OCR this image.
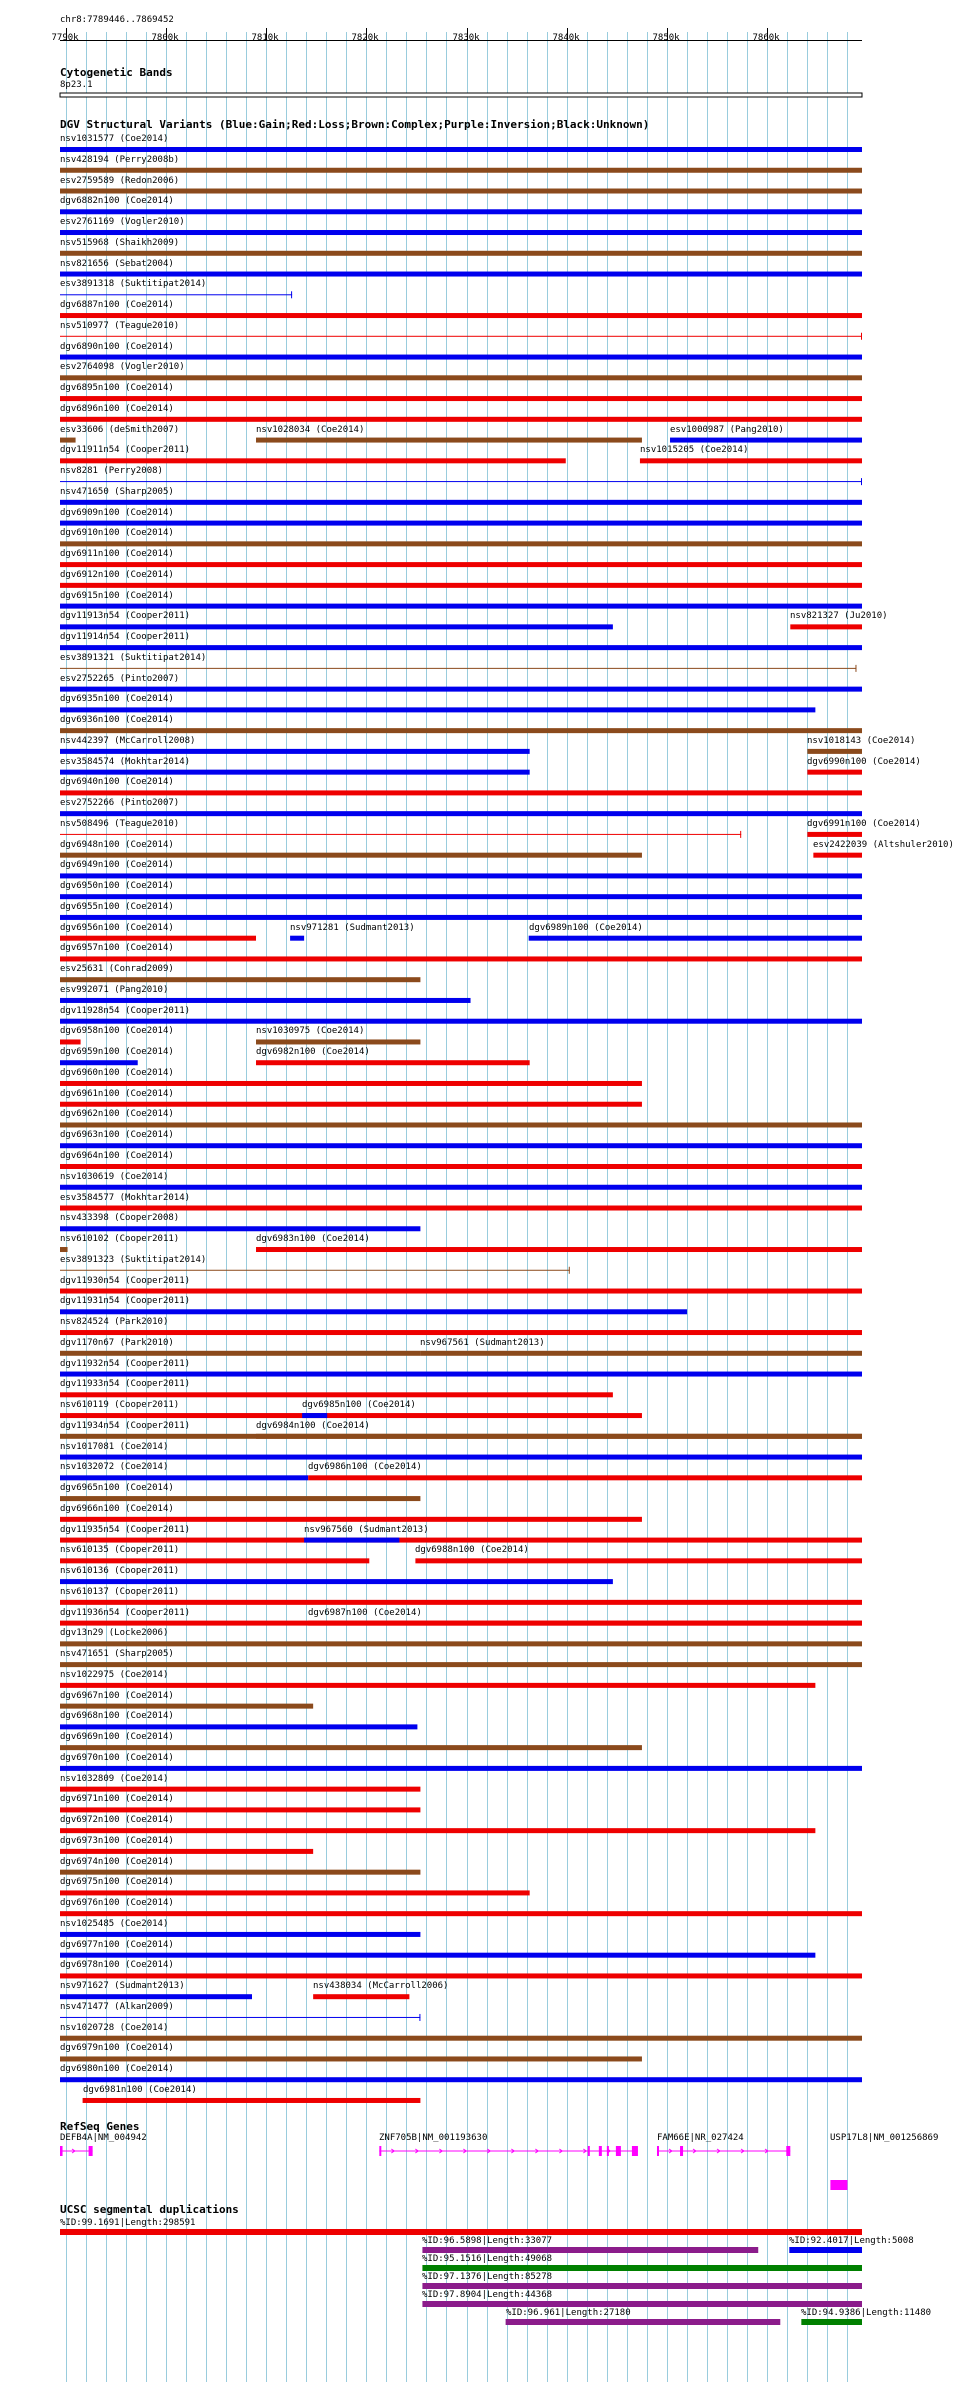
chr8:7789446..7869452
Cytogenetic Bands
8p23.1
DGV Structural Variants (Blue:Gain;Red:Loss;Brown:Complex;Purple:Inversion;Black:Unknown)
RefSeq Genes
UCSC segmental duplications
7790k	7800k	7810k	7820k	7830k	7840k	7850k	7860k
nsv1031577 (Coe2014)
nsv428194 (Perry2008b)
esv2759589 (Redon2006)
dgv6882n100 (Coe2014)
esv2761169 (Vogler2010)
nsv515968 (Shaikh2009)
nsv821656 (Sebat2004)
esv3891318 (Suktitipat2014)
dgv6887n100 (Coe2014)
nsv510977 (Teague2010)
dgv6890n100 (Coe2014)
esv2764098 (Vogler2010)
dgv6895n100 (Coe2014)
dgv6896n100 (Coe2014)
esv33606 (deSmith2007)	nsv1028034 (Coe2014)	esv1000987 (Pang2010)
dgv11911n54 (Cooper2011)	nsv1015205 (Coe2014)
nsv8281 (Perry2008)
nsv471650 (Sharp2005)
dgv6909n100 (Coe2014)
dgv6910n100 (Coe2014)
dgv6911n100 (Coe2014)
dgv6912n100 (Coe2014)
dgv6915n100 (Coe2014)
dgv11913n54 (Cooper2011)	nsv821327 (Ju2010)
dgv11914n54 (Cooper2011)
esv3891321 (Suktitipat2014)
esv2752265 (Pinto2007)
dgv6935n100 (Coe2014)
dgv6936n100 (Coe2014)
nsv442397 (McCarroll2008)	nsv1018143 (Coe2014)
esv3584574 (Mokhtar2014)	dgv6990n100 (Coe2014)
dgv6940n100 (Coe2014)
esv2752266 (Pinto2007)
nsv508496 (Teague2010)	dgv6991n100 (Coe2014)
dgv6948n100 (Coe2014)	esv2422039 (Altshuler2010)
dgv6949n100 (Coe2014)
dgv6950n100 (Coe2014)
dgv6955n100 (Coe2014)
dgv6956n100 (Coe2014)	nsv971281 (Sudmant2013)	dgv6989n100 (Coe2014)
dgv6957n100 (Coe2014)
esv25631 (Conrad2009)
esv992071 (Pang2010)
dgv11928n54 (Cooper2011)
dgv6958n100 (Coe2014)	nsv1030975 (Coe2014)
dgv6959n100 (Coe2014)	dgv6982n100 (Coe2014)
dgv6960n100 (Coe2014)
dgv6961n100 (Coe2014)
dgv6962n100 (Coe2014)
dgv6963n100 (Coe2014)
dgv6964n100 (Coe2014)
nsv1030619 (Coe2014)
esv3584577 (Mokhtar2014)
nsv433398 (Cooper2008)
nsv610102 (Cooper2011)	dgv6983n100 (Coe2014)
esv3891323 (Suktitipat2014)
dgv11930n54 (Cooper2011)
dgv11931n54 (Cooper2011)
nsv824524 (Park2010)
dgv1170n67 (Park2010)	nsv967561 (Sudmant2013)
dgv11932n54 (Cooper2011)
dgv11933n54 (Cooper2011)
nsv610119 (Cooper2011)	dgv6985n100 (Coe2014)
dgv11934n54 (Cooper2011)	dgv6984n100 (Coe2014)
nsv1017081 (Coe2014)
nsv1032072 (Coe2014)	dgv6986n100 (Coe2014)
dgv6965n100 (Coe2014)
dgv6966n100 (Coe2014)
dgv11935n54 (Cooper2011)	nsv967560 (Sudmant2013)
nsv610135 (Cooper2011)	dgv6988n100 (Coe2014)
nsv610136 (Cooper2011)
nsv610137 (Cooper2011)
dgv11936n54 (Cooper2011)	dgv6987n100 (Coe2014)
dgv13n29 (Locke2006)
nsv471651 (Sharp2005)
nsv1022975 (Coe2014)
dgv6967n100 (Coe2014)
dgv6968n100 (Coe2014)
dgv6969n100 (Coe2014)
dgv6970n100 (Coe2014)
nsv1032809 (Coe2014)
dgv6971n100 (Coe2014)
dgv6972n100 (Coe2014)
dgv6973n100 (Coe2014)
dgv6974n100 (Coe2014)
dgv6975n100 (Coe2014)
dgv6976n100 (Coe2014)
nsv1025485 (Coe2014)
dgv6977n100 (Coe2014)
dgv6978n100 (Coe2014)
nsv971627 (Sudmant2013)	nsv438034 (McCarroll2006)
nsv471477 (Alkan2009)
nsv1020728 (Coe2014)
dgv6979n100 (Coe2014)
dgv6980n100 (Coe2014)
dgv6981n100 (Coe2014)
DEFB4A|NM_004942	ZNF705B|NM_001193630	FAM66E|NR_027424	USP17L8|NM_001256869
%ID:99.1691|Length:298591
%ID:96.5898|Length:33077	%ID:92.4017|Length:5008
%ID:95.1516|Length:49068
%ID:97.1376|Length:85278
%ID:97.8904|Length:44368
%ID:96.961|Length:27180	%ID:94.9386|Length:11480
